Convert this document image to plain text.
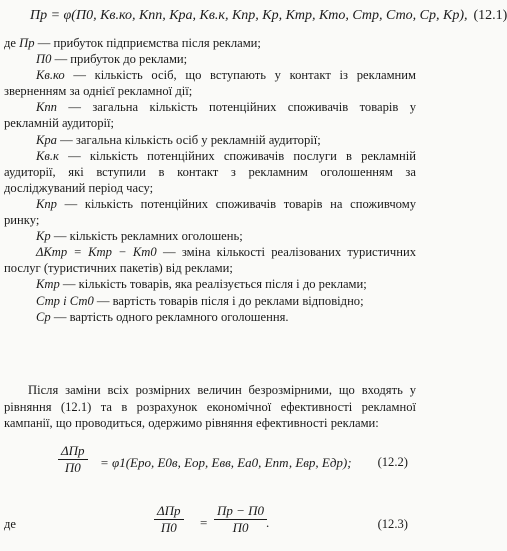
Пр = φ(П0, Кв.ко, Кпп, Кра, Кв.к, Кпр, Кр, Ктр, Кто, Стр, Сто, Ср, Кр), (12.1)

де Пр — прибуток підприємства після реклами;

П0 — прибуток до реклами;

Кв.ко — кількість осіб, що вступають у контакт із рекламним зверненням за однієї рекламної дії;

Кпп — загальна кількість потенційних споживачів товарів у рекламній аудиторії;

Кра — загальна кількість осіб у рекламній аудиторії;

Кв.к — кількість потенційних споживачів послуги в рекламній аудиторії, які вступили в контакт з рекламним оголошенням за досліджуваний період часу;

Кпр — кількість потенційних споживачів товарів на споживчому ринку;

Кр — кількість рекламних оголошень;

ΔКтр = Ктр − Кт0 — зміна кількості реалізованих туристичних послуг (туристичних пакетів) від реклами;

Ктр — кількість товарів, яка реалізується після і до реклами;

Стр і Ст0 — вартість товарів після і до реклами відповідно;

Ср — вартість одного рекламного оголошення.

Після заміни всіх розмірних величин безрозмірними, що входять у рівняння (12.1) та в розрахунок економічної ефективності рекламної кампанії, що проводиться, одержимо рівняння ефективності реклами:

ΔПр
П0	= φ1(Ерo, Е0в, Еор, Евв, Еa0, Епт, Евр, Едр); (12.2)
де
ΔПр
П0	=
Пр − П0
П0	.	(12.3)
